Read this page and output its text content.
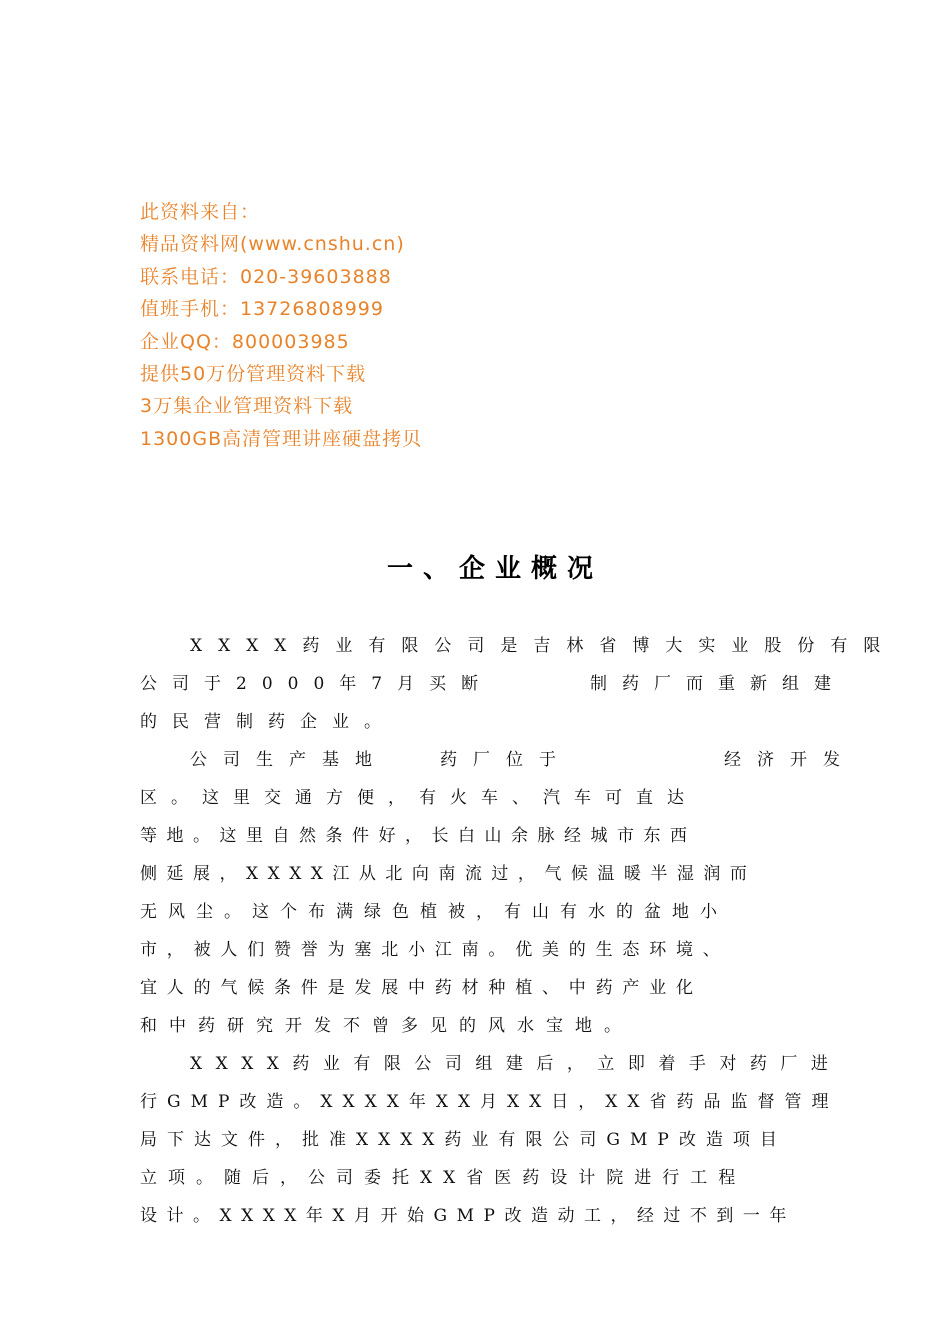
此资料来自：
精品资料网(www.cnshu.cn)
联系电话：020-39603888
值班手机：13726808999
企业QQ：800003985
提供50万份管理资料下载
3万集企业管理资料下载
1300GB高清管理讲座硬盘拷贝
一、企业概况
XXXX药业有限公司是吉林省博大实业股份有限
公司于2000年7月买断	制药厂而重新组建
的民营制药企业。
公司生产基地	药厂位于	经济开发
区。这里交通方便，有火车、汽车可直达
等地。这里自然条件好，长白山余脉经城市东西
侧延展，XXXX江从北向南流过，气候温暖半湿润而
无风尘。这个布满绿色植被，有山有水的盆地小
市，被人们赞誉为塞北小江南。优美的生态环境、
宜人的气候条件是发展中药材种植、中药产业化
和中药研究开发不曾多见的风水宝地。
XXXX药业有限公司组建后，立即着手对药厂进
行GMP改造。XXXX年XX月XX日，XX省药品监督管理
局下达文件，批准XXXX药业有限公司GMP改造项目
立项。随后，公司委托XX省医药设计院进行工程
设计。XXXX年X月开始GMP改造动工，经过不到一年
